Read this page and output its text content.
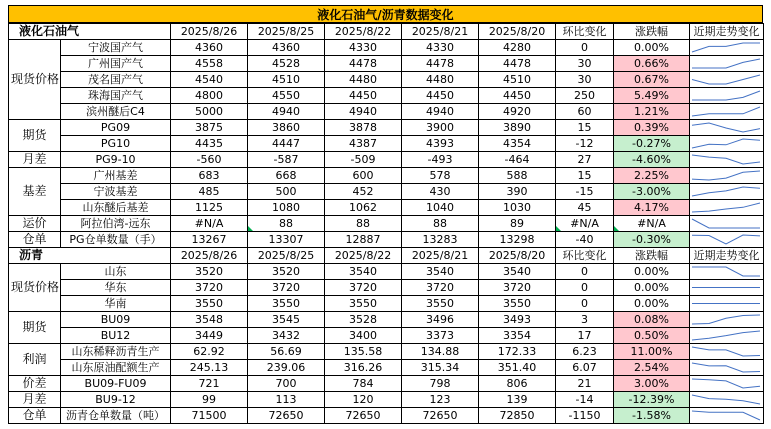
液化石油气/沥青数据变化
液化石油气		2025/8/26	2025/8/25	2025/8/22	2025/8/21	2025/8/20	环比变化	涨跌幅	近期走势变化
现货价格	宁波国产气	4360	4360	4330	4330	4280	0	0.00%	

	广州国产气	4558	4528	4478	4478	4478	30	0.66%	

	茂名国产气	4540	4510	4480	4480	4510	30	0.67%	

	珠海国产气	4800	4550	4450	4450	4450	250	5.49%	

	滨州醚后C4	5000	4940	4940	4940	4920	60	1.21%	

期货	PG09	3875	3860	3878	3900	3890	15	0.39%	

	PG10	4435	4447	4387	4393	4354	-12	-0.27%	

月差	PG9-10	-560	-587	-509	-493	-464	27	-4.60%	

基差	广州基差	683	668	600	578	588	15	2.25%	

	宁波基差	485	500	452	430	390	-15	-3.00%	

	山东醚后基差	1125	1080	1062	1040	1030	45	4.17%	

运价	阿拉伯湾-远东	#N/A	88	88	88	89	#N/A	#N/A	

仓单	PG仓单数量（手）	13267	13307	12887	13283	13298	-40	-0.30%	

沥青		2025/8/26	2025/8/25	2025/8/22	2025/8/21	2025/8/20	环比变化	涨跌幅	近期走势变化
现货价格	山东	3520	3520	3540	3540	3540	0	0.00%	

	华东	3720	3720	3720	3720	3720	0	0.00%	

	华南	3550	3550	3550	3550	3550	0	0.00%	

期货	BU09	3548	3545	3528	3496	3493	3	0.08%	

	BU12	3449	3432	3400	3373	3354	17	0.50%	

利润	山东稀释沥青生产	62.92	56.69	135.58	134.88	172.33	6.23	11.00%	

	山东原油配额生产	245.13	239.06	316.26	315.34	351.40	6.07	2.54%	

价差	BU09-FU09	721	700	784	798	806	21	3.00%	

月差	BU9-12	99	113	120	123	139	-14	-12.39%	

仓单	沥青仓单数量（吨）	71500	72650	72650	72650	72850	-1150	-1.58%	
